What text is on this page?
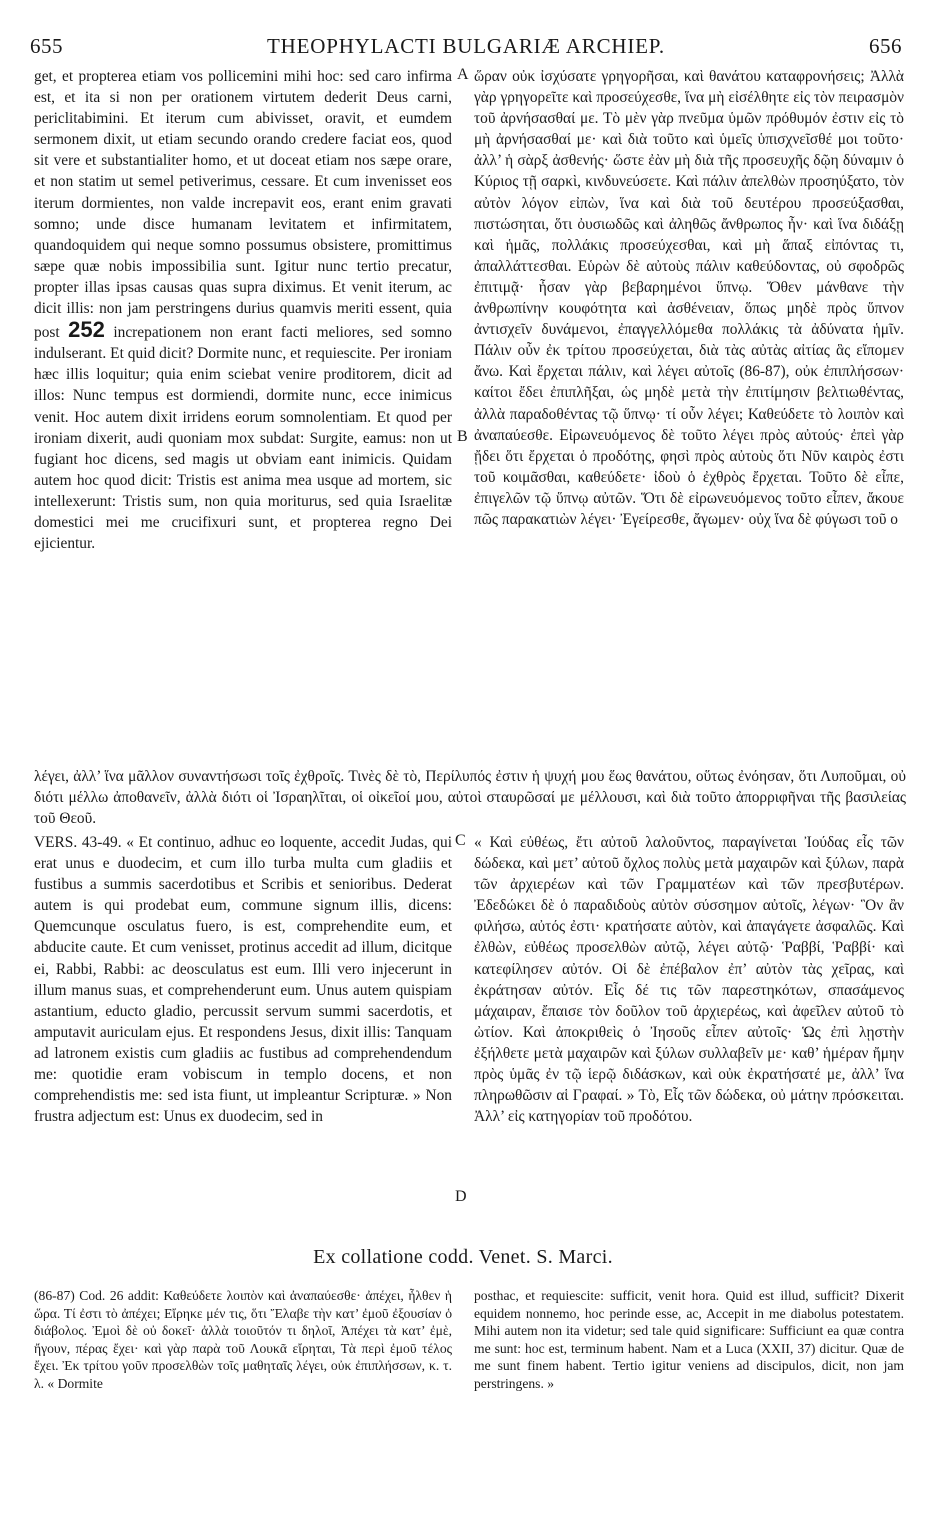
655	THEOPHYLACTI BULGARIÆ ARCHIEP.	656
A
B
C
D

get, et propterea etiam vos pollicemini mihi hoc: sed caro infirma est, et ita si non per orationem virtutem dederit Deus carni, periclitabimini. Et iterum cum abivisset, oravit, et eumdem sermonem dixit, ut etiam secundo orando credere faciat eos, quod sit vere et substantialiter homo, et ut doceat etiam nos sæpe orare, et non statim ut semel petiverimus, cessare. Et cum invenisset eos iterum dormientes, non valde increpavit eos, erant enim gravati somno; unde disce humanam levitatem et infirmitatem, quandoquidem qui neque somno possumus obsistere, promittimus sæpe quæ nobis impossibilia sunt. Igitur nunc tertio precatur, propter illas ipsas causas quas supra diximus. Et venit iterum, ac dicit illis: non jam perstringens durius quamvis meriti essent, quia post 252 increpationem non erant facti meliores, sed somno indulserant. Et quid dicit? Dormite nunc, et requiescite. Per ironiam hæc illis loquitur; quia enim sciebat venire proditorem, dicit ad illos: Nunc tempus est dormiendi, dormite nunc, ecce inimicus venit. Hoc autem dixit irridens eorum somnolentiam. Et quod per ironiam dixerit, audi quoniam mox subdat: Surgite, eamus: non ut fugiant hoc dicens, sed magis ut obviam eant inimicis. Quidam autem hoc quod dicit: Tristis est anima mea usque ad mortem, sic intellexerunt: Tristis sum, non quia moriturus, sed quia Israelitæ domestici mei me crucifixuri sunt, et propterea regno Dei ejicientur.

ὥραν οὐκ ἰσχύσατε γρηγορῆσαι, καὶ θανάτου καταφρονήσεις; Ἀλλὰ γὰρ γρηγορεῖτε καὶ προσεύχεσθε, ἵνα μὴ εἰσέλθητε εἰς τὸν πειρασμὸν τοῦ ἀρνήσασθαί με. Τὸ μὲν γὰρ πνεῦμα ὑμῶν πρόθυμόν ἐστιν εἰς τὸ μὴ ἀρνήσασθαί με· καὶ διὰ τοῦτο καὶ ὑμεῖς ὑπισχνεῖσθέ μοι τοῦτο· ἀλλ’ ἡ σὰρξ ἀσθενής· ὥστε ἐὰν μὴ διὰ τῆς προσευχῆς δῷη δύναμιν ὁ Κύριος τῇ σαρκὶ, κινδυνεύσετε. Καὶ πάλιν ἀπελθὼν προσηύξατο, τὸν αὐτὸν λόγον εἰπὼν, ἵνα καὶ διὰ τοῦ δευτέρου προσεύξασθαι, πιστώσηται, ὅτι ὀυσιωδῶς καὶ ἀληθῶς ἄνθρωπος ἦν· καὶ ἵνα διδάξῃ καὶ ἡμᾶς, πολλάκις προσεύχεσθαι, καὶ μὴ ἅπαξ εἰπόντας τι, ἀπαλλάττεσθαι. Εὑρὼν δὲ αὐτοὺς πάλιν καθεύδοντας, οὐ σφοδρῶς ἐπιτιμᾷ· ἦσαν γὰρ βεβαρημένοι ὕπνῳ. Ὅθεν μάνθανε τὴν ἀνθρωπίνην κουφότητα καὶ ἀσθένειαν, ὅπως μηδὲ πρὸς ὕπνον ἀντισχεῖν δυνάμενοι, ἐπαγγελλόμεθα πολλάκις τὰ ἀδύνατα ἡμῖν. Πάλιν οὖν ἐκ τρίτου προσεύχεται, διὰ τὰς αὐτὰς αἰτίας ἃς εἴπομεν ἄνω. Καὶ ἔρχεται πάλιν, καὶ λέγει αὐτοῖς (86-87), οὐκ ἐπιπλήσσων· καίτοι ἔδει ἐπιπλῆξαι, ὡς μηδὲ μετὰ τὴν ἐπιτίμησιν βελτιωθέντας, ἀλλὰ παραδοθέντας τῷ ὕπνῳ· τί οὖν λέγει; Καθεύδετε τὸ λοιπὸν καὶ ἀναπαύεσθε. Εἰρωνευόμενος δὲ τοῦτο λέγει πρὸς αὐτούς· ἐπεὶ γὰρ ᾔδει ὅτι ἔρχεται ὁ προδότης, φησὶ πρὸς αὐτοὺς ὅτι Νῦν καιρὸς ἐστι τοῦ κοιμᾶσθαι, καθεύδετε· ἰδοὺ ὁ ἐχθρὸς ἔρχεται. Τοῦτο δὲ εἶπε, ἐπιγελῶν τῷ ὕπνῳ αὐτῶν. Ὅτι δὲ εἰρωνευόμενος τοῦτο εἶπεν, ἄκουε πῶς παρακατιὼν λέγει· Ἐγείρεσθε, ἄγωμεν· οὐχ ἵνα δὲ φύγωσι τοῦ ο

λέγει, ἀλλ’ ἵνα μᾶλλον συναντήσωσι τοῖς ἐχθροῖς. Τινὲς δὲ τὸ, Περίλυπός ἐστιν ἡ ψυχή μου ἕως θανάτου, οὕτως ἐνόησαν, ὅτι Λυποῦμαι, οὐ διότι μέλλω ἀποθανεῖν, ἀλλὰ διότι οἱ Ἰσραηλῖται, οἱ οἰκεῖοί μου, αὐτοὶ σταυρῶσαί με μέλλουσι, καὶ διὰ τοῦτο ἀπορριφῆναι τῆς βασιλείας τοῦ Θεοῦ.

VERS. 43-49. « Et continuo, adhuc eo loquente, accedit Judas, qui erat unus e duodecim, et cum illo turba multa cum gladiis et fustibus a summis sacerdotibus et Scribis et senioribus. Dederat autem is qui prodebat eum, commune signum illis, dicens: Quemcunque osculatus fuero, is est, comprehendite eum, et abducite caute. Et cum venisset, protinus accedit ad illum, dicitque ei, Rabbi, Rabbi: ac deosculatus est eum. Illi vero injecerunt in illum manus suas, et comprehenderunt eum. Unus autem quispiam astantium, educto gladio, percussit servum summi sacerdotis, et amputavit auriculam ejus. Et respondens Jesus, dixit illis: Tanquam ad latronem existis cum gladiis ac fustibus ad comprehendendum me: quotidie eram vobiscum in templo docens, et non comprehendistis me: sed ista fiunt, ut impleantur Scripturæ. » Non frustra adjectum est: Unus ex duodecim, sed in

« Καὶ εὐθέως, ἔτι αὐτοῦ λαλοῦντος, παραγίνεται Ἰούδας εἷς τῶν δώδεκα, καὶ μετ’ αὐτοῦ ὄχλος πολὺς μετὰ μαχαιρῶν καὶ ξύλων, παρὰ τῶν ἀρχιερέων καὶ τῶν Γραμματέων καὶ τῶν πρεσβυτέρων. Ἐδεδώκει δὲ ὁ παραδιδοὺς αὐτὸν σύσσημον αὐτοῖς, λέγων· Ὃν ἂν φιλήσω, αὐτός ἐστι· κρατήσατε αὐτὸν, καὶ ἀπαγάγετε ἀσφαλῶς. Καὶ ἐλθὼν, εὐθέως προσελθὼν αὐτῷ, λέγει αὐτῷ· Ῥαββί, Ῥαββί· καὶ κατεφίλησεν αὐτόν. Οἱ δὲ ἐπέβαλον ἐπ’ αὐτὸν τὰς χεῖρας, καὶ ἐκράτησαν αὐτόν. Εἷς δέ τις τῶν παρεστηκότων, σπασάμενος μάχαιραν, ἔπαισε τὸν δοῦλον τοῦ ἀρχιερέως, καὶ ἀφεῖλεν αὐτοῦ τὸ ὠτίον. Καὶ ἀποκριθεὶς ὁ Ἰησοῦς εἶπεν αὐτοῖς· Ὡς ἐπὶ λῃστὴν ἐξήλθετε μετὰ μαχαιρῶν καὶ ξύλων συλλαβεῖν με· καθ’ ἡμέραν ἤμην πρὸς ὑμᾶς ἐν τῷ ἱερῷ διδάσκων, καὶ οὐκ ἐκρατήσατέ με, ἀλλ’ ἵνα πληρωθῶσιν αἱ Γραφαί. » Τὸ, Εἷς τῶν δώδεκα, οὐ μάτην πρόσκειται. Ἀλλ’ εἰς κατηγορίαν τοῦ προδότου.

Ex collatione codd. Venet. S. Marci.
(86-87) Cod. 26 addit: Καθεύδετε λοιπὸν καὶ ἀναπαύεσθε· ἀπέχει, ἦλθεν ἡ ὥρα. Τί ἐστι τὸ ἀπέχει; Εἴρηκε μέν τις, ὅτι Ἔλαβε τὴν κατ’ ἐμοῦ ἐξουσίαν ὁ διάβολος. Ἐμοὶ δὲ οὐ δοκεῖ· ἀλλὰ τοιοῦτόν τι δηλοῖ, Ἀπέχει τὰ κατ’ ἐμὲ, ἤγουν, πέρας ἔχει· καὶ γὰρ παρὰ τοῦ Λουκᾶ εἴρηται, Τὰ περὶ ἐμοῦ τέλος ἔχει. Ἐκ τρίτου γοῦν προσελθὼν τοῖς μαθηταῖς λέγει, οὐκ ἐπιπλήσσων, κ. τ. λ. « Dormite
posthac, et requiescite: sufficit, venit hora. Quid est illud, sufficit? Dixerit equidem nonnemo, hoc perinde esse, ac, Accepit in me diabolus potestatem. Mihi autem non ita videtur; sed tale quid significare: Sufficiunt ea quæ contra me sunt: hoc est, terminum habent. Nam et a Luca (XXII, 37) dicitur. Quæ de me sunt finem habent. Tertio igitur veniens ad discipulos, dicit, non jam perstringens. »
